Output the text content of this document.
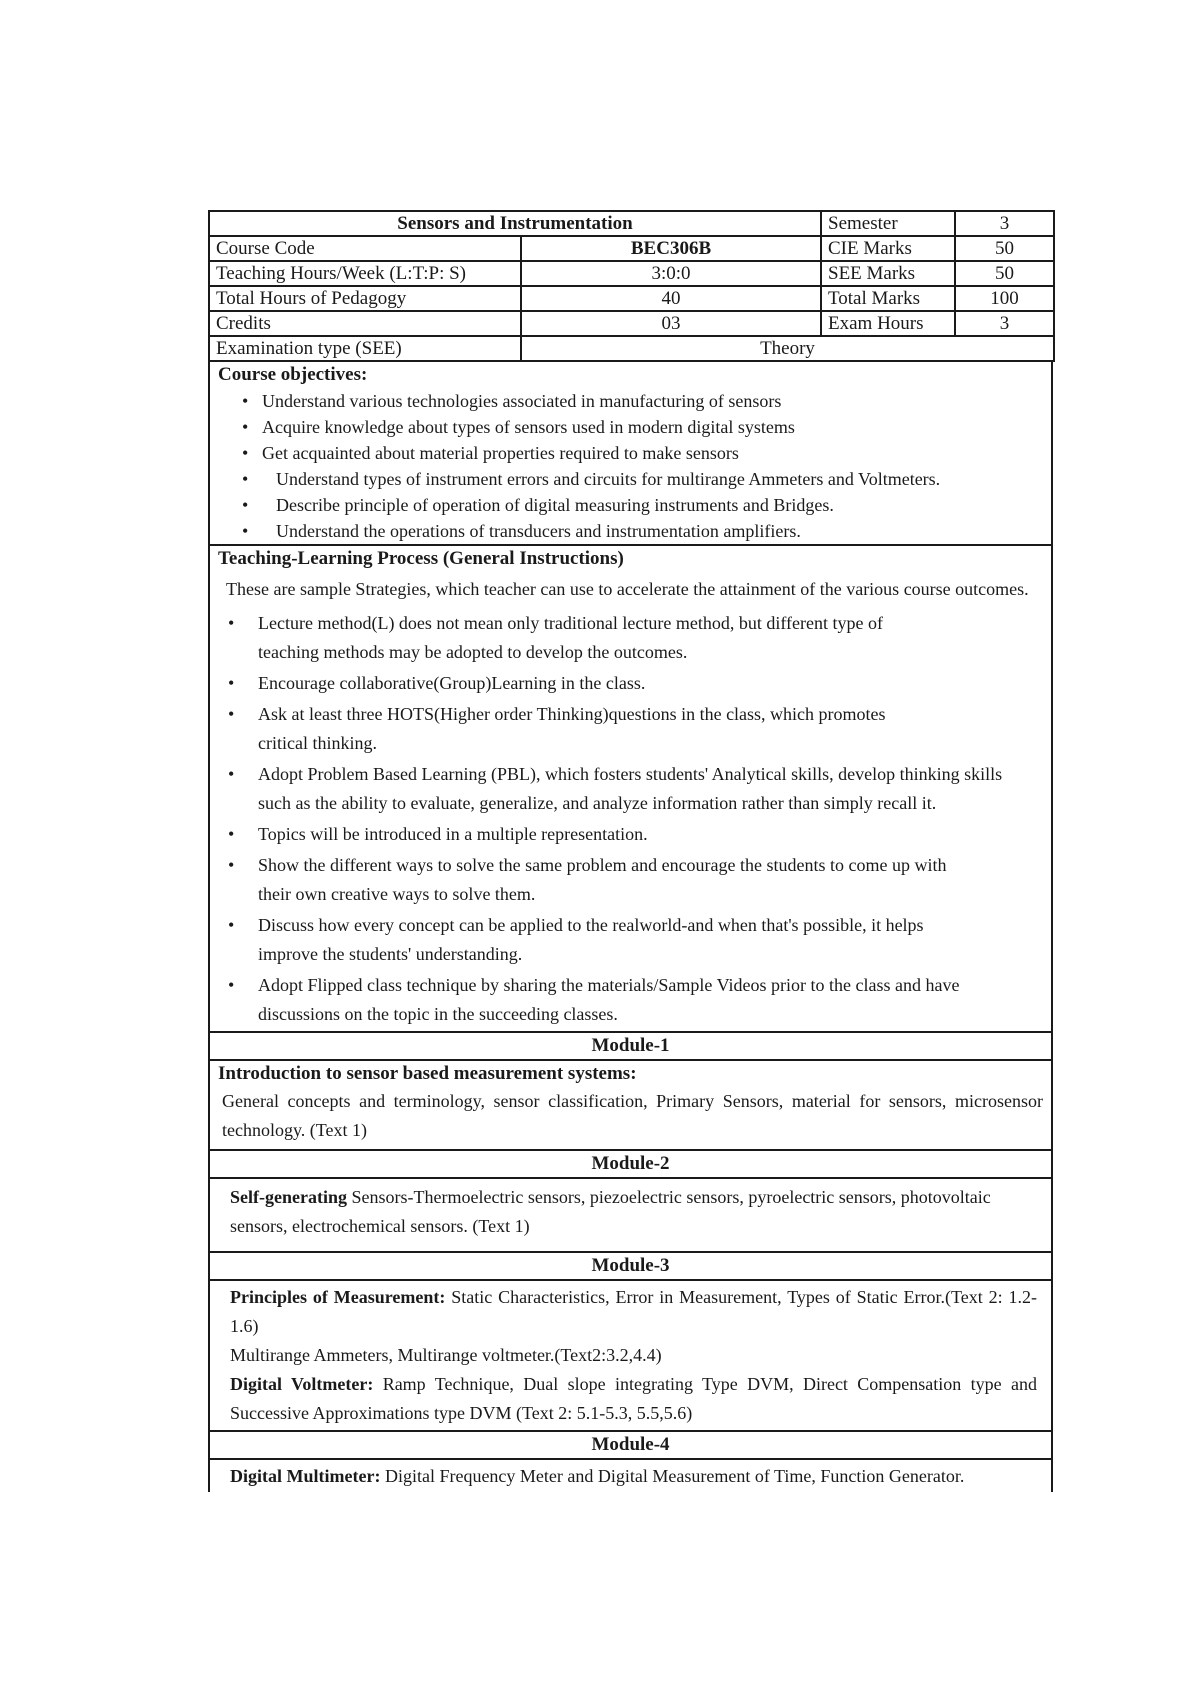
Sensors and Instrumentation		Semester	3
Course Code	BEC306B	CIE Marks	50
Teaching Hours/Week (L:T:P: S)	3:0:0	SEE Marks	50
Total Hours of Pedagogy	40	Total Marks	100
Credits	03	Exam Hours	3
Examination type (SEE)	Theory		
Course objectives:
• Understand various technologies associated in manufacturing of sensors
• Acquire knowledge about types of sensors used in modern digital systems
• Get acquainted about material properties required to make sensors
• Understand types of instrument errors and circuits for multirange Ammeters and Voltmeters.
• Describe principle of operation of digital measuring instruments and Bridges.
• Understand the operations of transducers and instrumentation amplifiers.
Teaching-Learning Process (General Instructions)
These are sample Strategies, which teacher can use to accelerate the attainment of the various course outcomes.
• Lecture method(L) does not mean only traditional lecture method, but different type of teaching methods may be adopted to develop the outcomes.
• Encourage collaborative(Group)Learning in the class.
• Ask at least three HOTS(Higher order Thinking)questions in the class, which promotes critical thinking.
• Adopt Problem Based Learning (PBL), which fosters students' Analytical skills, develop thinking skills such as the ability to evaluate, generalize, and analyze information rather than simply recall it.
• Topics will be introduced in a multiple representation.
• Show the different ways to solve the same problem and encourage the students to come up with their own creative ways to solve them.
• Discuss how every concept can be applied to the realworld-and when that's possible, it helps improve the students' understanding.
• Adopt Flipped class technique by sharing the materials/Sample Videos prior to the class and have discussions on the topic in the succeeding classes.
Module-1
Introduction to sensor based measurement systems:
General concepts and terminology, sensor classification, Primary Sensors, material for sensors, microsensor technology. (Text 1)
Module-2
Self-generating Sensors-Thermoelectric sensors, piezoelectric sensors, pyroelectric sensors, photovoltaic sensors, electrochemical sensors. (Text 1)
Module-3
Principles of Measurement: Static Characteristics, Error in Measurement, Types of Static Error.(Text 2: 1.2-1.6)
Multirange Ammeters, Multirange voltmeter.(Text2:3.2,4.4)
Digital Voltmeter: Ramp Technique, Dual slope integrating Type DVM, Direct Compensation type and Successive Approximations type DVM (Text 2: 5.1-5.3, 5.5,5.6)
Module-4
Digital Multimeter: Digital Frequency Meter and Digital Measurement of Time, Function Generator.
